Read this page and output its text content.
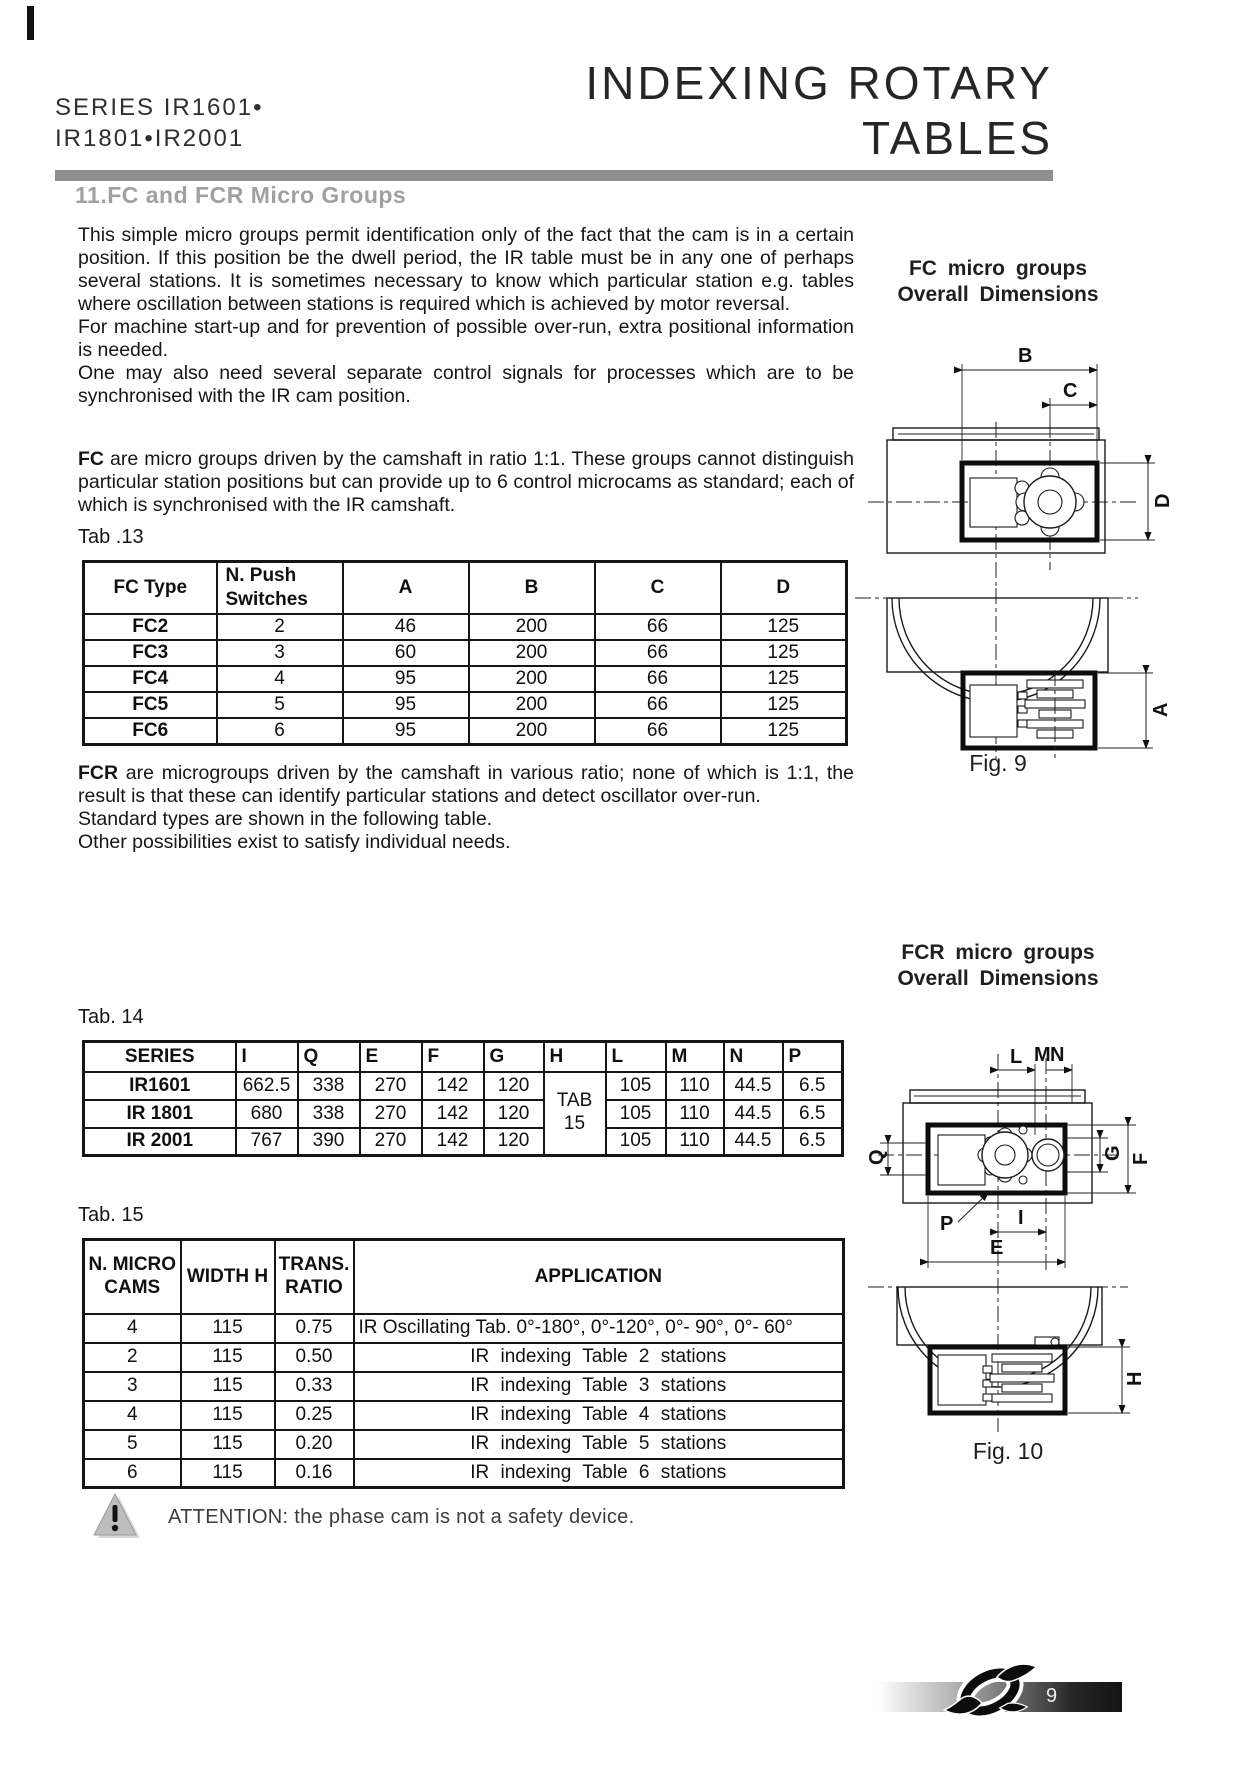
SERIES IR1601•
IR1801•IR2001
INDEXING ROTARY
TABLES
11.FC and FCR Micro Groups

This simple micro groups permit identification only of the fact that the cam is in a certain position. If this position be the dwell period, the IR table must be in any one of perhaps several stations. It is sometimes necessary to know which particular station e.g. tables where oscillation between stations is required which is achieved by motor reversal.

For machine start-up and for prevention of possible over-run, extra positional information is needed.

One may also need several separate control signals for processes which are to be synchronised with the IR cam position.

FC are micro groups driven by the camshaft in ratio 1:1. These groups cannot distinguish particular station positions but can provide up to 6 control microcams as standard; each of which is synchronised with the IR camshaft.

Tab .13
FC Type	N. Push Switches	A	B	C	D
FC2	2	46	200	66	125
FC3	3	60	200	66	125
FC4	4	95	200	66	125
FC5	5	95	200	66	125
FC6	6	95	200	66	125

FCR are microgroups driven by the camshaft in various ratio; none of which is 1:1, the result is that these can identify particular stations and detect oscillator over-run.

Standard types are shown in the following table.

Other possibilities exist to satisfy individual needs.

Tab. 14
SERIES	I	Q	E	F	G	H	L	M	N	P
IR1601	662.5	338	270	142	120	TAB 15	105	110	44.5	6.5
IR 1801	680	338	270	142	120		105	110	44.5	6.5
IR 2001	767	390	270	142	120		105	110	44.5	6.5
Tab. 15
N. MICRO CAMS	WIDTH H	TRANS. RATIO	APPLICATION
4	115	0.75	IR Oscillating Tab. 0°-180°, 0°-120°, 0°- 90°, 0°- 60°
2	115	0.50	IR indexing Table 2 stations
3	115	0.33	IR indexing Table 3 stations
4	115	0.25	IR indexing Table 4 stations
5	115	0.20	IR indexing Table 5 stations
6	115	0.16	IR indexing Table 6 stations
ATTENTION: the phase cam is not a safety device.
FC micro groups
Overall Dimensions
B
C
D
A
Fig. 9
FCR micro groups
Overall Dimensions
L M N
Q	G F
P	I
E
H
Fig. 10
9
